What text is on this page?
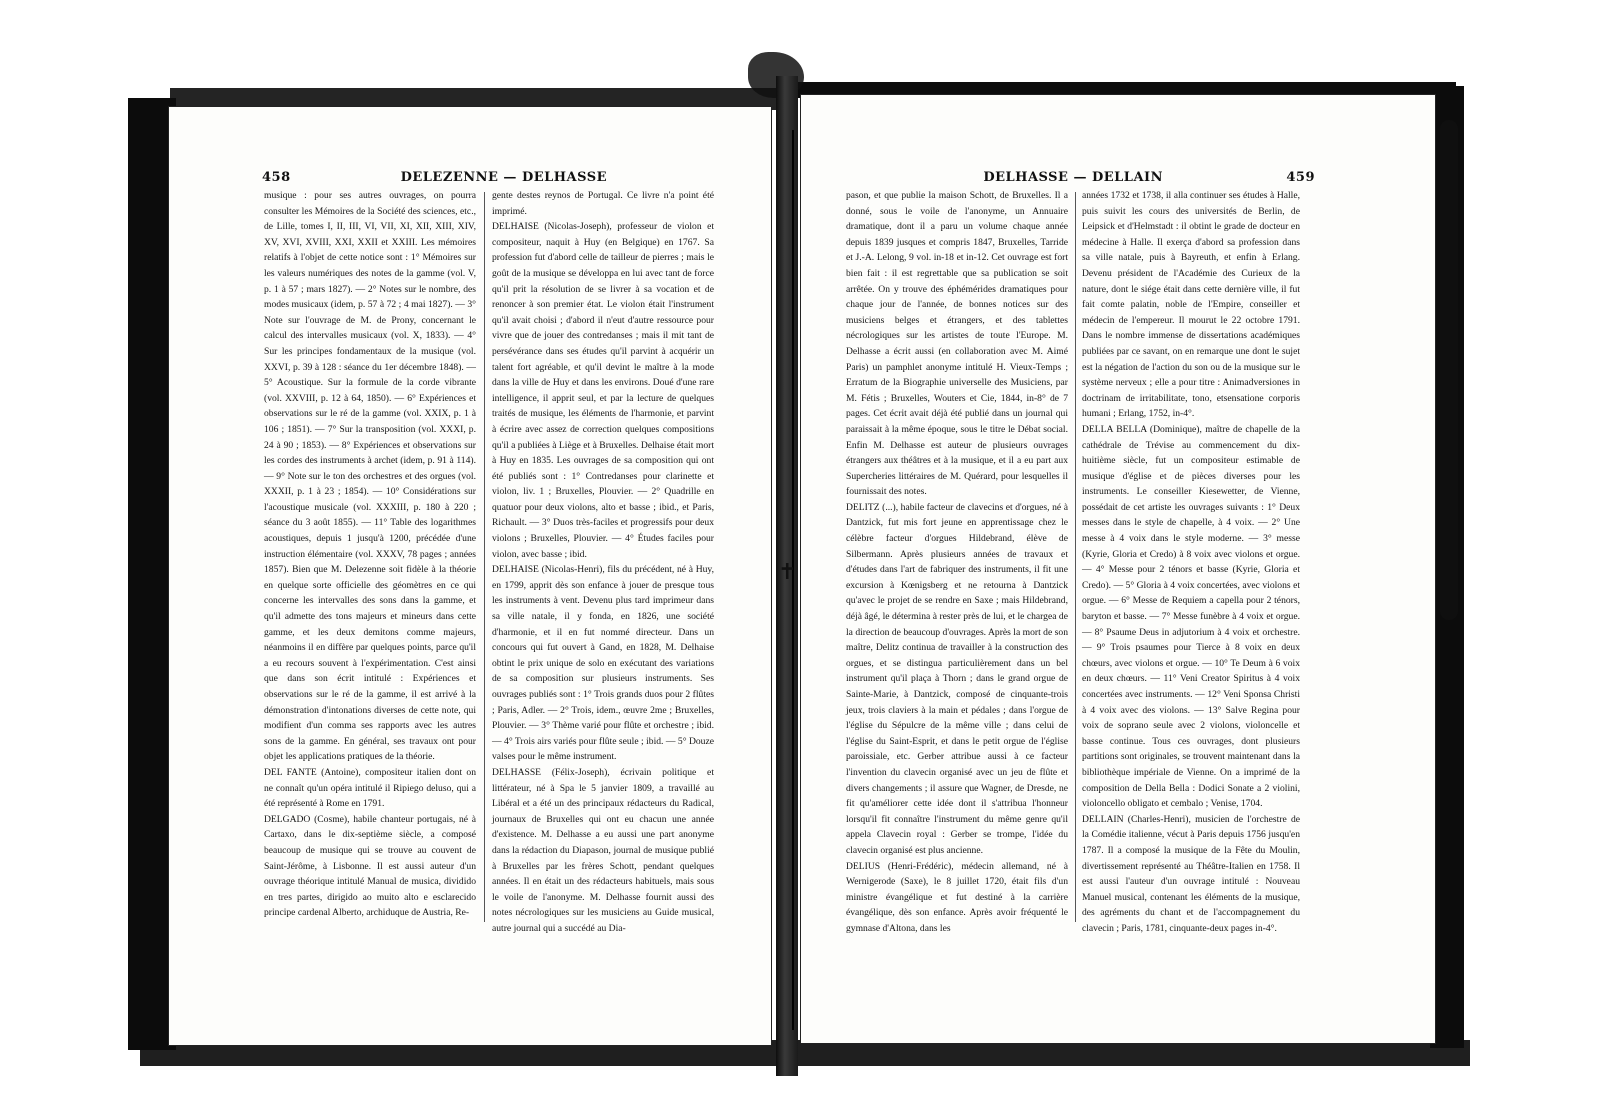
✝
458	DELEZENNE — DELHASSE	DELHASSE — DELLAIN	459

musique : pour ses autres ouvrages, on pourra consulter les Mémoires de la Société des sciences, etc., de Lille, tomes I, II, III, VI, VII, XI, XII, XIII, XIV, XV, XVI, XVIII, XXI, XXII et XXIII. Les mémoires relatifs à l'objet de cette notice sont : 1° Mémoires sur les valeurs numériques des notes de la gamme (vol. V, p. 1 à 57 ; mars 1827). — 2° Notes sur le nombre, des modes musicaux (idem, p. 57 à 72 ; 4 mai 1827). — 3° Note sur l'ouvrage de M. de Prony, concernant le calcul des intervalles musicaux (vol. X, 1833). — 4° Sur les principes fondamentaux de la musique (vol. XXVI, p. 39 à 128 : séance du 1er décembre 1848). — 5° Acoustique. Sur la formule de la corde vibrante (vol. XXVIII, p. 12 à 64, 1850). — 6° Expériences et observations sur le ré de la gamme (vol. XXIX, p. 1 à 106 ; 1851). — 7° Sur la transposition (vol. XXXI, p. 24 à 90 ; 1853). — 8° Expériences et observations sur les cordes des instruments à archet (idem, p. 91 à 114). — 9° Note sur le ton des orchestres et des orgues (vol. XXXII, p. 1 à 23 ; 1854). — 10° Considérations sur l'acoustique musicale (vol. XXXIII, p. 180 à 220 ; séance du 3 août 1855). — 11° Table des logarithmes acoustiques, depuis 1 jusqu'à 1200, précédée d'une instruction élémentaire (vol. XXXV, 78 pages ; années 1857). Bien que M. Delezenne soit fidèle à la théorie en quelque sorte officielle des géomètres en ce qui concerne les intervalles des sons dans la gamme, et qu'il admette des tons majeurs et mineurs dans cette gamme, et les deux demitons comme majeurs, néanmoins il en diffère par quelques points, parce qu'il a eu recours souvent à l'expérimentation. C'est ainsi que dans son écrit intitulé : Expériences et observations sur le ré de la gamme, il est arrivé à la démonstration d'intonations diverses de cette note, qui modifient d'un comma ses rapports avec les autres sons de la gamme. En général, ses travaux ont pour objet les applications pratiques de la théorie.

DEL FANTE (Antoine), compositeur italien dont on ne connaît qu'un opéra intitulé il Ripiego deluso, qui a été représenté à Rome en 1791.

DELGADO (Cosme), habile chanteur portugais, né à Cartaxo, dans le dix-septième siècle, a composé beaucoup de musique qui se trouve au couvent de Saint-Jérôme, à Lisbonne. Il est aussi auteur d'un ouvrage théorique intitulé Manual de musica, dividido en tres partes, dirigido ao muito alto e esclarecido principe cardenal Alberto, archiduque de Austria, Re-

gente destes reynos de Portugal. Ce livre n'a point été imprimé.

DELHAISE (Nicolas-Joseph), professeur de violon et compositeur, naquit à Huy (en Belgique) en 1767. Sa profession fut d'abord celle de tailleur de pierres ; mais le goût de la musique se développa en lui avec tant de force qu'il prit la résolution de se livrer à sa vocation et de renoncer à son premier état. Le violon était l'instrument qu'il avait choisi ; d'abord il n'eut d'autre ressource pour vivre que de jouer des contredanses ; mais il mit tant de persévérance dans ses études qu'il parvint à acquérir un talent fort agréable, et qu'il devint le maître à la mode dans la ville de Huy et dans les environs. Doué d'une rare intelligence, il apprit seul, et par la lecture de quelques traités de musique, les éléments de l'harmonie, et parvint à écrire avec assez de correction quelques compositions qu'il a publiées à Liège et à Bruxelles. Delhaise était mort à Huy en 1835. Les ouvrages de sa composition qui ont été publiés sont : 1° Contredanses pour clarinette et violon, liv. 1 ; Bruxelles, Plouvier. — 2° Quadrille en quatuor pour deux violons, alto et basse ; ibid., et Paris, Richault. — 3° Duos très-faciles et progressifs pour deux violons ; Bruxelles, Plouvier. — 4° Études faciles pour violon, avec basse ; ibid.

DELHAISE (Nicolas-Henri), fils du précédent, né à Huy, en 1799, apprit dès son enfance à jouer de presque tous les instruments à vent. Devenu plus tard imprimeur dans sa ville natale, il y fonda, en 1826, une société d'harmonie, et il en fut nommé directeur. Dans un concours qui fut ouvert à Gand, en 1828, M. Delhaise obtint le prix unique de solo en exécutant des variations de sa composition sur plusieurs instruments. Ses ouvrages publiés sont : 1° Trois grands duos pour 2 flûtes ; Paris, Adler. — 2° Trois, idem., œuvre 2me ; Bruxelles, Plouvier. — 3° Thème varié pour flûte et orchestre ; ibid. — 4° Trois airs variés pour flûte seule ; ibid. — 5° Douze valses pour le même instrument.

DELHASSE (Félix-Joseph), écrivain politique et littérateur, né à Spa le 5 janvier 1809, a travaillé au Libéral et a été un des principaux rédacteurs du Radical, journaux de Bruxelles qui ont eu chacun une année d'existence. M. Delhasse a eu aussi une part anonyme dans la rédaction du Diapason, journal de musique publié à Bruxelles par les frères Schott, pendant quelques années. Il en était un des rédacteurs habituels, mais sous le voile de l'anonyme. M. Delhasse fournit aussi des notes nécrologiques sur les musiciens au Guide musical, autre journal qui a succédé au Dia-

pason, et que publie la maison Schott, de Bruxelles. Il a donné, sous le voile de l'anonyme, un Annuaire dramatique, dont il a paru un volume chaque année depuis 1839 jusques et compris 1847, Bruxelles, Tarride et J.-A. Lelong, 9 vol. in-18 et in-12. Cet ouvrage est fort bien fait : il est regrettable que sa publication se soit arrêtée. On y trouve des éphémérides dramatiques pour chaque jour de l'année, de bonnes notices sur des musiciens belges et étrangers, et des tablettes nécrologiques sur les artistes de toute l'Europe. M. Delhasse a écrit aussi (en collaboration avec M. Aimé Paris) un pamphlet anonyme intitulé H. Vieux-Temps ; Erratum de la Biographie universelle des Musiciens, par M. Fétis ; Bruxelles, Wouters et Cie, 1844, in-8° de 7 pages. Cet écrit avait déjà été publié dans un journal qui paraissait à la même époque, sous le titre le Débat social. Enfin M. Delhasse est auteur de plusieurs ouvrages étrangers aux théâtres et à la musique, et il a eu part aux Supercheries littéraires de M. Quérard, pour lesquelles il fournissait des notes.

DELITZ (...), habile facteur de clavecins et d'orgues, né à Dantzick, fut mis fort jeune en apprentissage chez le célèbre facteur d'orgues Hildebrand, élève de Silbermann. Après plusieurs années de travaux et d'études dans l'art de fabriquer des instruments, il fit une excursion à Kœnigsberg et ne retourna à Dantzick qu'avec le projet de se rendre en Saxe ; mais Hildebrand, déjà âgé, le détermina à rester près de lui, et le chargea de la direction de beaucoup d'ouvrages. Après la mort de son maître, Delitz continua de travailler à la construction des orgues, et se distingua particulièrement dans un bel instrument qu'il plaça à Thorn ; dans le grand orgue de Sainte-Marie, à Dantzick, composé de cinquante-trois jeux, trois claviers à la main et pédales ; dans l'orgue de l'église du Sépulcre de la même ville ; dans celui de l'église du Saint-Esprit, et dans le petit orgue de l'église paroissiale, etc. Gerber attribue aussi à ce facteur l'invention du clavecin organisé avec un jeu de flûte et divers changements ; il assure que Wagner, de Dresde, ne fit qu'améliorer cette idée dont il s'attribua l'honneur lorsqu'il fit connaître l'instrument du même genre qu'il appela Clavecin royal : Gerber se trompe, l'idée du clavecin organisé est plus ancienne.

DELIUS (Henri-Frédéric), médecin allemand, né à Wernigerode (Saxe), le 8 juillet 1720, était fils d'un ministre évangélique et fut destiné à la carrière évangélique, dès son enfance. Après avoir fréquenté le gymnase d'Altona, dans les

années 1732 et 1738, il alla continuer ses études à Halle, puis suivit les cours des universités de Berlin, de Leipsick et d'Helmstadt : il obtint le grade de docteur en médecine à Halle. Il exerça d'abord sa profession dans sa ville natale, puis à Bayreuth, et enfin à Erlang. Devenu président de l'Académie des Curieux de la nature, dont le siége était dans cette dernière ville, il fut fait comte palatin, noble de l'Empire, conseiller et médecin de l'empereur. Il mourut le 22 octobre 1791. Dans le nombre immense de dissertations académiques publiées par ce savant, on en remarque une dont le sujet est la négation de l'action du son ou de la musique sur le système nerveux ; elle a pour titre : Animadversiones in doctrinam de irritabilitate, tono, etsensatione corporis humani ; Erlang, 1752, in-4°.

DELLA BELLA (Dominique), maître de chapelle de la cathédrale de Trévise au commencement du dix-huitième siècle, fut un compositeur estimable de musique d'église et de pièces diverses pour les instruments. Le conseiller Kiesewetter, de Vienne, possédait de cet artiste les ouvrages suivants : 1° Deux messes dans le style de chapelle, à 4 voix. — 2° Une messe à 4 voix dans le style moderne. — 3° messe (Kyrie, Gloria et Credo) à 8 voix avec violons et orgue. — 4° Messe pour 2 ténors et basse (Kyrie, Gloria et Credo). — 5° Gloria à 4 voix concertées, avec violons et orgue. — 6° Messe de Requiem a capella pour 2 ténors, baryton et basse. — 7° Messe funèbre à 4 voix et orgue. — 8° Psaume Deus in adjutorium à 4 voix et orchestre. — 9° Trois psaumes pour Tierce à 8 voix en deux chœurs, avec violons et orgue. — 10° Te Deum à 6 voix en deux chœurs. — 11° Veni Creator Spiritus à 4 voix concertées avec instruments. — 12° Veni Sponsa Christi à 4 voix avec des violons. — 13° Salve Regina pour voix de soprano seule avec 2 violons, violoncelle et basse continue. Tous ces ouvrages, dont plusieurs partitions sont originales, se trouvent maintenant dans la bibliothèque impériale de Vienne. On a imprimé de la composition de Della Bella : Dodici Sonate a 2 violini, violoncello obligato et cembalo ; Venise, 1704.

DELLAIN (Charles-Henri), musicien de l'orchestre de la Comédie italienne, vécut à Paris depuis 1756 jusqu'en 1787. Il a composé la musique de la Fête du Moulin, divertissement représenté au Théâtre-Italien en 1758. Il est aussi l'auteur d'un ouvrage intitulé : Nouveau Manuel musical, contenant les éléments de la musique, des agréments du chant et de l'accompagnement du clavecin ; Paris, 1781, cinquante-deux pages in-4°.
